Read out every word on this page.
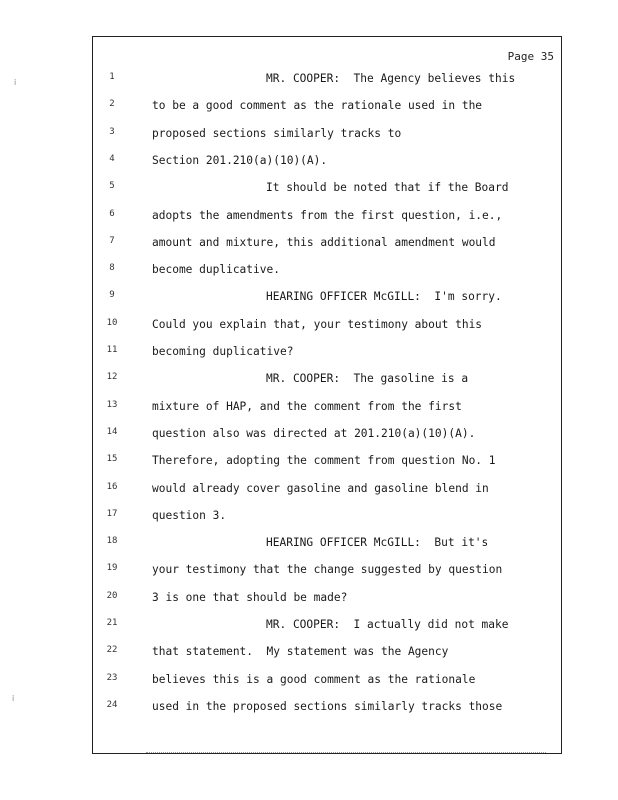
Page 35
1	MR. COOPER:  The Agency believes this
2	to be a good comment as the rationale used in the
3	proposed sections similarly tracks to
4	Section 201.210(a)(10)(A).
5	It should be noted that if the Board
6	adopts the amendments from the first question, i.e.,
7	amount and mixture, this additional amendment would
8	become duplicative.
9	HEARING OFFICER McGILL:  I'm sorry.
10	Could you explain that, your testimony about this
11	becoming duplicative?
12	MR. COOPER:  The gasoline is a
13	mixture of HAP, and the comment from the first
14	question also was directed at 201.210(a)(10)(A).
15	Therefore, adopting the comment from question No. 1
16	would already cover gasoline and gasoline blend in
17	question 3.
18	HEARING OFFICER McGILL:  But it's
19	your testimony that the change suggested by question
20	3 is one that should be made?
21	MR. COOPER:  I actually did not make
22	that statement.  My statement was the Agency
23	believes this is a good comment as the rationale
24	used in the proposed sections similarly tracks those
ⅰ
ⅰ
